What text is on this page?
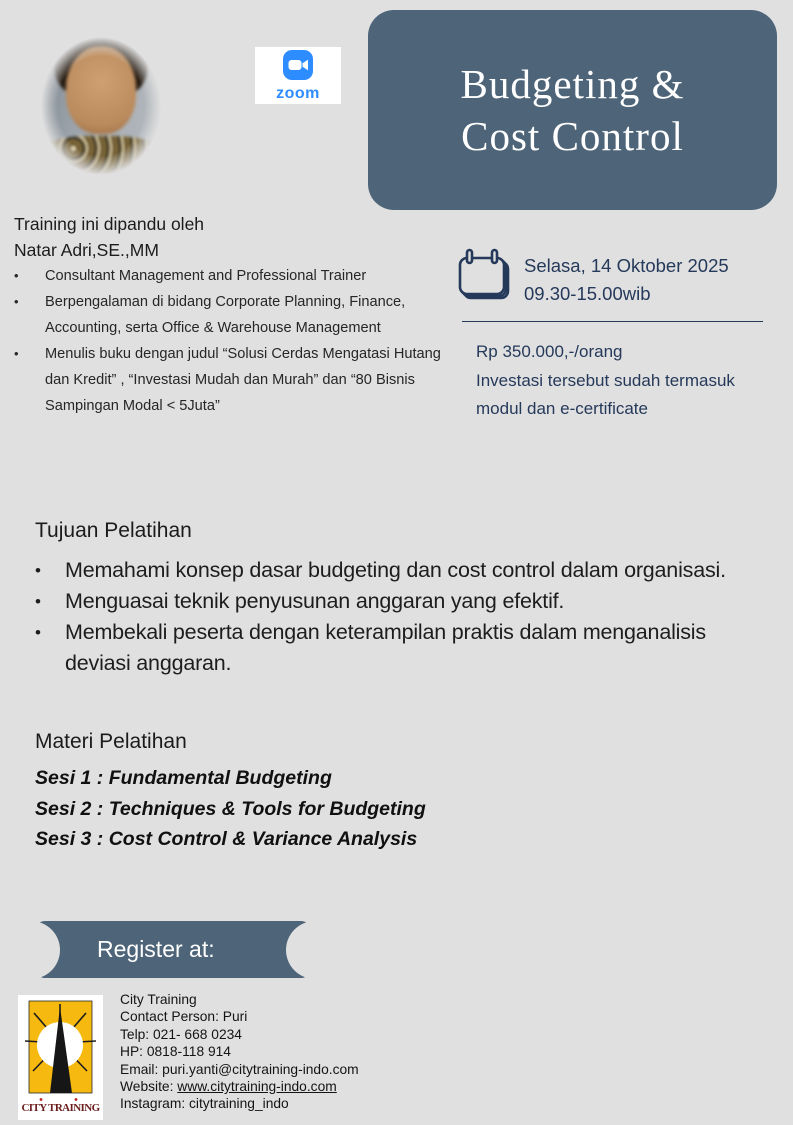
zoom	Budgeting &
Cost Control
Training ini dipandu oleh
Natar Adri,SE.,MM
•	Consultant Management and Professional Trainer
•	Berpengalaman di bidang Corporate Planning, Finance, Accounting, serta Office & Warehouse Management
•	Menulis buku dengan judul “Solusi Cerdas Mengatasi Hutang dan Kredit” , “Investasi Mudah dan Murah” dan “80 Bisnis Sampingan Modal < 5Juta”
Selasa, 14 Oktober 2025
09.30-15.00wib
Rp 350.000,-/orang
Investasi tersebut sudah termasuk
modul dan e-certificate
Tujuan Pelatihan
•	Memahami konsep dasar budgeting dan cost control dalam organisasi.
•	Menguasai teknik penyusunan anggaran yang efektif.
•	Membekali peserta dengan keterampilan praktis dalam menganalisis deviasi anggaran.
Materi Pelatihan
Sesi 1 : Fundamental Budgeting
Sesi 2 : Techniques & Tools for Budgeting
Sesi 3 : Cost Control & Variance Analysis
Register at:
CITY TRAINING
City Training
Contact Person: Puri
Telp: 021- 668 0234
HP: 0818-118 914
Email: puri.yanti@citytraining-indo.com
Website: www.citytraining-indo.com
Instagram: citytraining_indo
